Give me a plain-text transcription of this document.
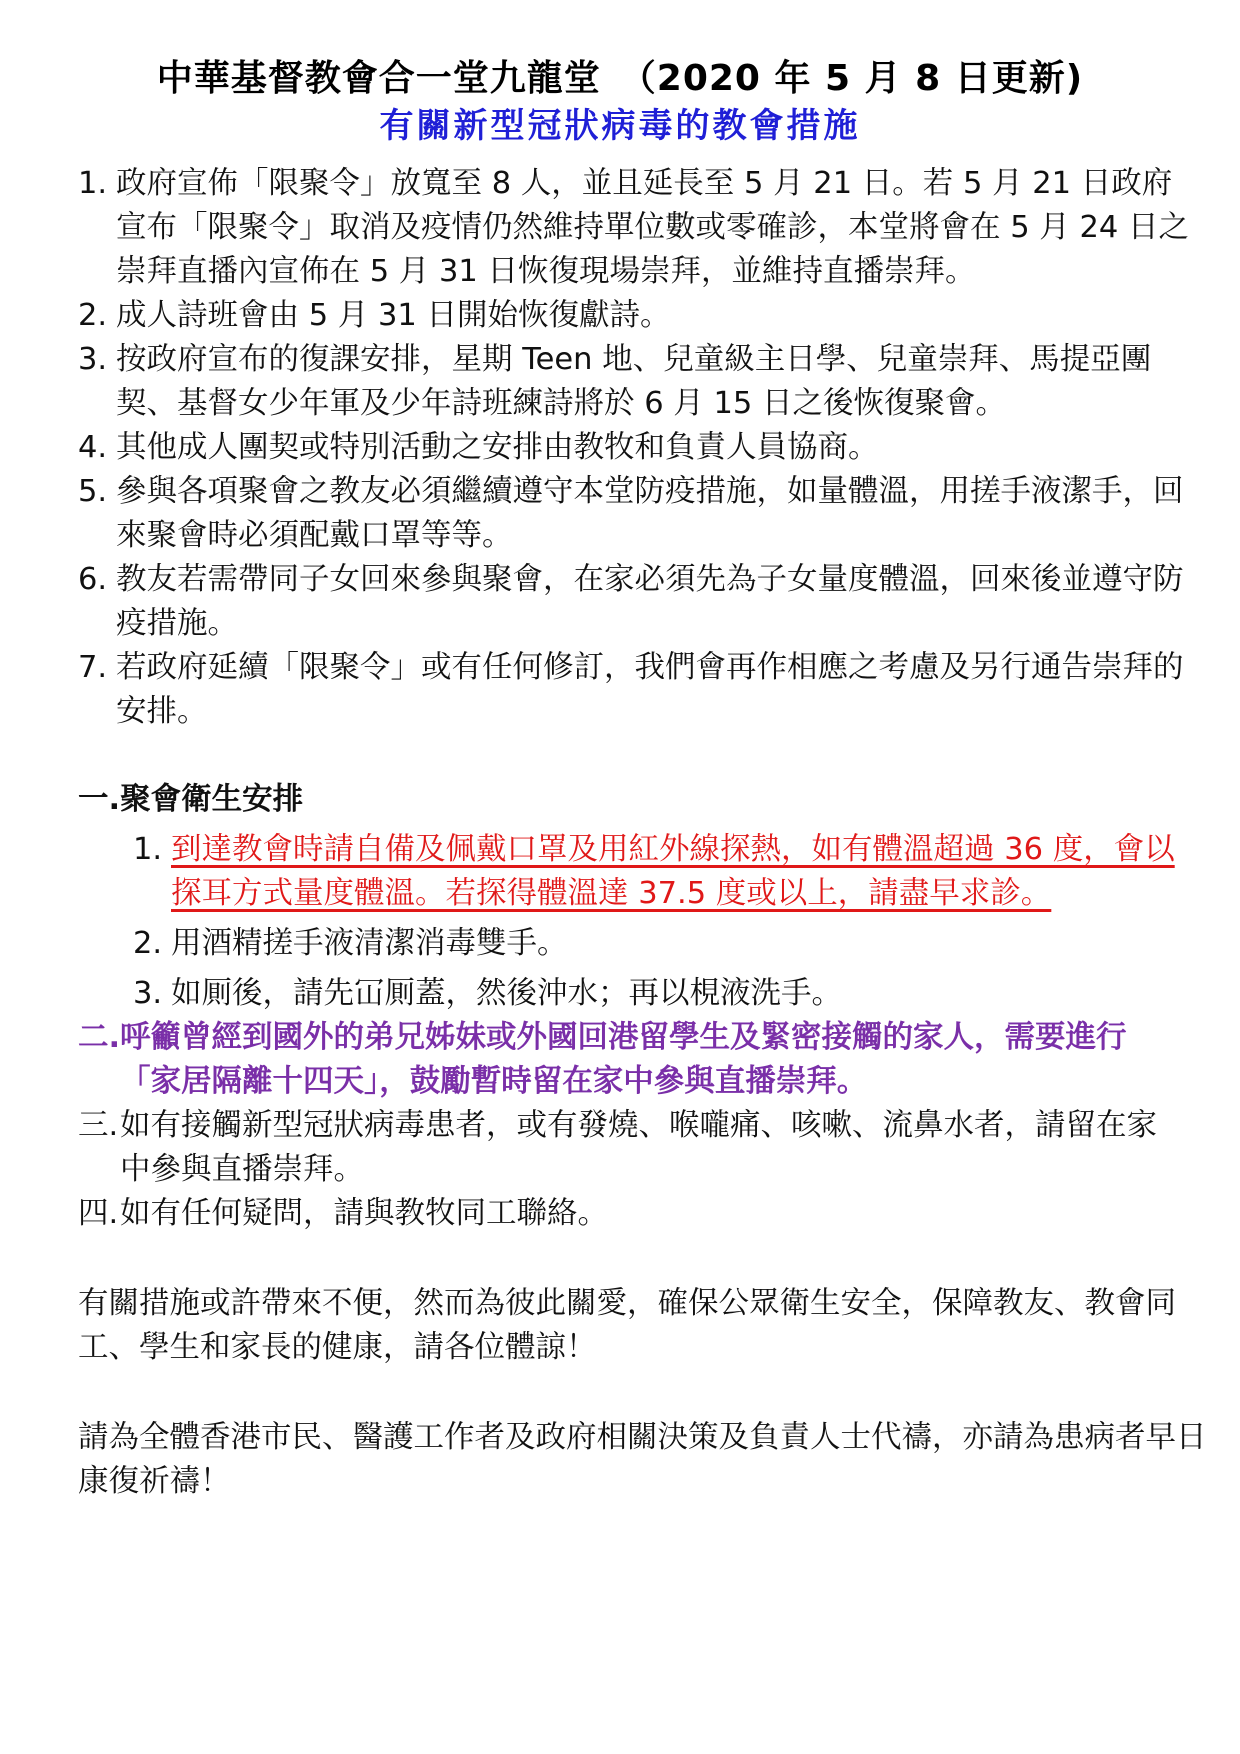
中華基督教會合一堂九龍堂　（2020 年 5 月 8 日更新)
有關新型冠狀病毒的教會措施
1. 政府宣佈「限聚令」放寬至 8 人，並且延長至 5 月 21 日。若 5 月 21 日政府宣布「限聚令」取消及疫情仍然維持單位數或零確診，本堂將會在 5 月 24 日之崇拜直播內宣佈在 5 月 31 日恢復現場崇拜，並維持直播崇拜。
2. 成人詩班會由 5 月 31 日開始恢復獻詩。
3. 按政府宣布的復課安排，星期 Teen 地、兒童級主日學、兒童崇拜、馬提亞團契、基督女少年軍及少年詩班練詩將於 6 月 15 日之後恢復聚會。
4. 其他成人團契或特別活動之安排由教牧和負責人員協商。
5. 參與各項聚會之教友必須繼續遵守本堂防疫措施，如量體溫，用搓手液潔手，回來聚會時必須配戴口罩等等。
6. 教友若需帶同子女回來參與聚會，在家必須先為子女量度體溫，回來後並遵守防疫措施。
7. 若政府延續「限聚令」或有任何修訂，我們會再作相應之考慮及另行通告崇拜的安排。
一.聚會衛生安排
1. 到達教會時請自備及佩戴口罩及用紅外線探熱，如有體溫超過 36 度，會以探耳方式量度體溫。若探得體溫達 37.5 度或以上，請盡早求診。
2. 用酒精搓手液清潔消毒雙手。
3. 如厠後，請先冚厠蓋，然後沖水；再以梘液洗手。
二. 呼籲曾經到國外的弟兄姊妹或外國回港留學生及緊密接觸的家人，需要進行「家居隔離十四天」，鼓勵暫時留在家中參與直播崇拜。
三. 如有接觸新型冠狀病毒患者，或有發燒、喉嚨痛、咳嗽、流鼻水者，請留在家中參與直播崇拜。
四. 如有任何疑問，請與教牧同工聯絡。
有關措施或許帶來不便，然而為彼此關愛，確保公眾衛生安全，保障教友、教會同工、學生和家長的健康，請各位體諒！
請為全體香港市民、醫護工作者及政府相關決策及負責人士代禱，亦請為患病者早日康復祈禱！
